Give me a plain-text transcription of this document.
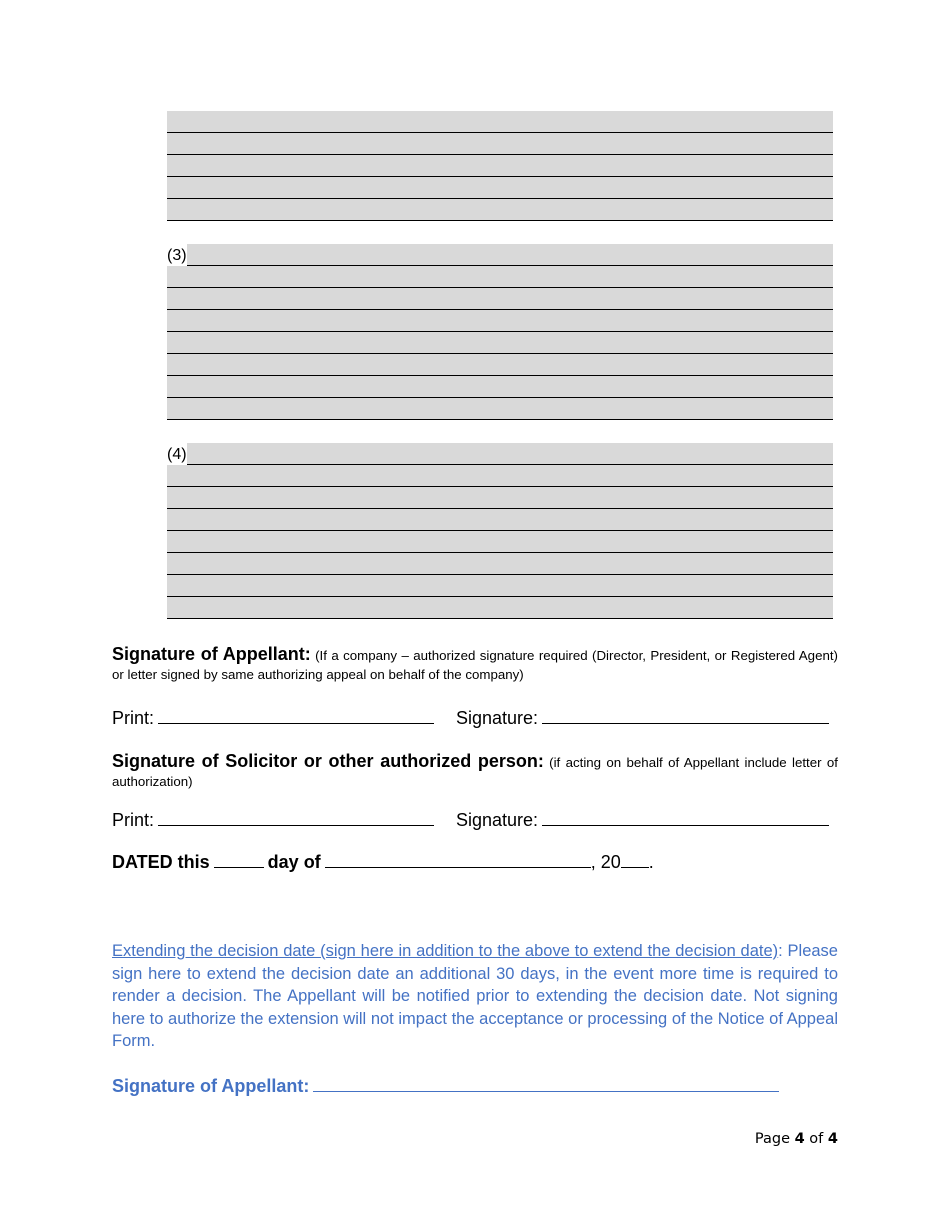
(3)
(4)
Signature of Appellant: (If a company – authorized signature required (Director, President, or Registered Agent) or letter signed by same authorizing appeal on behalf of the company)
Print:	Signature:
Signature of Solicitor or other authorized person: (if acting on behalf of Appellant include letter of authorization)
Print:	Signature:
DATED this	day of	, 20 .
Extending the decision date (sign here in addition to the above to extend the decision date): Please sign here to extend the decision date an additional 30 days, in the event more time is required to render a decision. The Appellant will be notified prior to extending the decision date. Not signing here to authorize the extension will not impact the acceptance or processing of the Notice of Appeal Form.
Signature of Appellant:
Page 4 of 4
